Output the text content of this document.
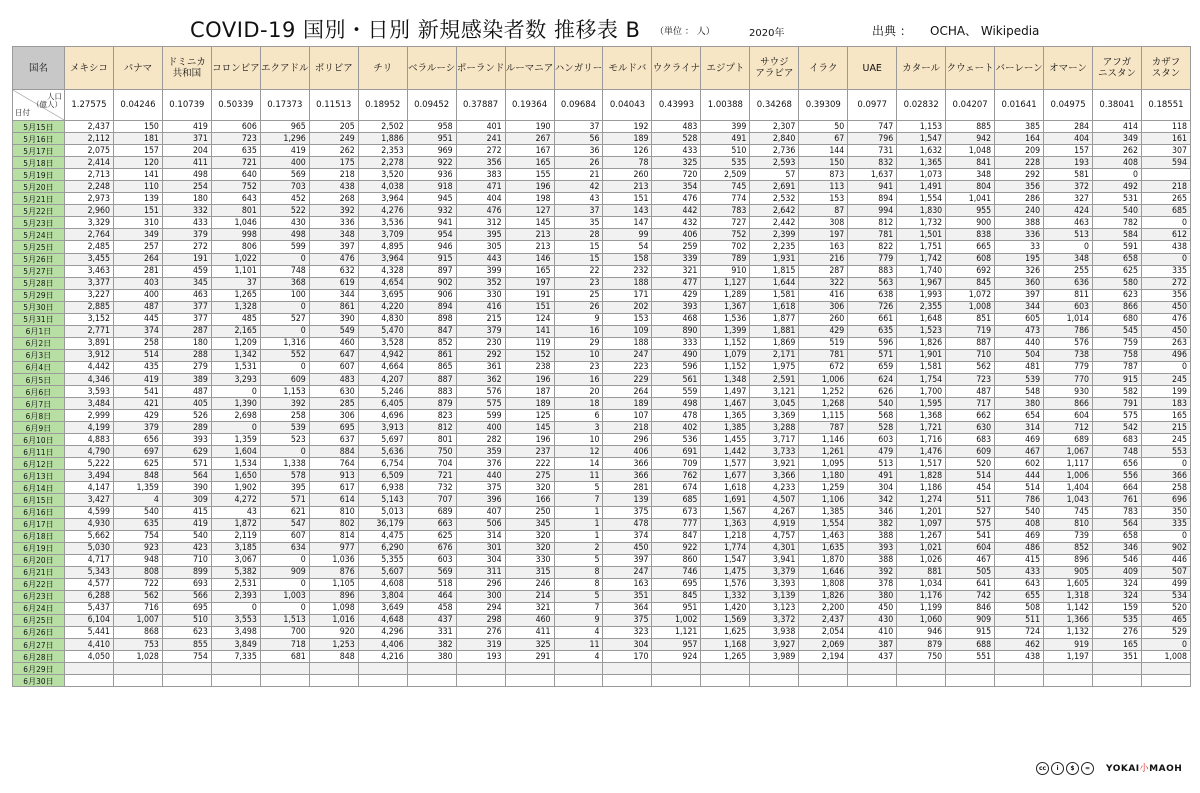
COVID-19 国別・日別 新規感染者数 推移表 B （単位 ： 人）	2020年	出典 ： OCHA、 Wikipedia
国名	メキシコ	パナマ	ドミニカ
共和国	コロンビア	エクアドル	ボリビア	チリ	ベラルーシ	ポーランド	ルーマニア	ハンガリー	モルドバ	ウクライナ	エジプト	サウジ
アラビア	イラク	UAE	カタール	クウェート	バーレーン	オマーン	アフガ
ニスタン	カザフ
スタン

人口
（億人）
日付	1.27575	0.04246	0.10739	0.50339	0.17373	0.11513	0.18952	0.09452	0.37887	0.19364	0.09684	0.04043	0.43993	1.00388	0.34268	0.39309	0.0977	0.02832	0.04207	0.01641	0.04975	0.38041	0.18551
5月15日	2,437	150	419	606	965	205	2,502	958	401	190	37	192	483	399	2,307	50	747	1,153	885	385	284	414	118
5月16日	2,112	181	371	723	1,296	249	1,886	951	241	267	56	189	528	491	2,840	67	796	1,547	942	164	404	349	161
5月17日	2,075	157	204	635	419	262	2,353	969	272	167	36	126	433	510	2,736	144	731	1,632	1,048	209	157	262	307
5月18日	2,414	120	411	721	400	175	2,278	922	356	165	26	78	325	535	2,593	150	832	1,365	841	228	193	408	594
5月19日	2,713	141	498	640	569	218	3,520	936	383	155	21	260	720	2,509	57	873	1,637	1,073	348	292	581	0	
5月20日	2,248	110	254	752	703	438	4,038	918	471	196	42	213	354	745	2,691	113	941	1,491	804	356	372	492	218
5月21日	2,973	139	180	643	452	268	3,964	945	404	198	43	151	476	774	2,532	153	894	1,554	1,041	286	327	531	265
5月22日	2,960	151	332	801	522	392	4,276	932	476	127	37	143	442	783	2,642	87	994	1,830	955	240	424	540	685
5月23日	3,329	310	433	1,046	430	336	3,536	941	312	145	35	147	432	727	2,442	308	812	1,732	900	388	463	782	0
5月24日	2,764	349	379	998	498	348	3,709	954	395	213	28	99	406	752	2,399	197	781	1,501	838	336	513	584	612
5月25日	2,485	257	272	806	599	397	4,895	946	305	213	15	54	259	702	2,235	163	822	1,751	665	33	0	591	438
5月26日	3,455	264	191	1,022	0	476	3,964	915	443	146	15	158	339	789	1,931	216	779	1,742	608	195	348	658	0
5月27日	3,463	281	459	1,101	748	632	4,328	897	399	165	22	232	321	910	1,815	287	883	1,740	692	326	255	625	335
5月28日	3,377	403	345	37	368	619	4,654	902	352	197	23	188	477	1,127	1,644	322	563	1,967	845	360	636	580	272
5月29日	3,227	400	463	1,265	100	344	3,695	906	330	191	25	171	429	1,289	1,581	416	638	1,993	1,072	397	811	623	356
5月30日	2,885	487	377	1,328	0	861	4,220	894	416	151	26	202	393	1,367	1,618	306	726	2,355	1,008	344	603	866	450
5月31日	3,152	445	377	485	527	390	4,830	898	215	124	9	153	468	1,536	1,877	260	661	1,648	851	605	1,014	680	476
6月1日	2,771	374	287	2,165	0	549	5,470	847	379	141	16	109	890	1,399	1,881	429	635	1,523	719	473	786	545	450
6月2日	3,891	258	180	1,209	1,316	460	3,528	852	230	119	29	188	333	1,152	1,869	519	596	1,826	887	440	576	759	263
6月3日	3,912	514	288	1,342	552	647	4,942	861	292	152	10	247	490	1,079	2,171	781	571	1,901	710	504	738	758	496
6月4日	4,442	435	279	1,531	0	607	4,664	865	361	238	23	223	596	1,152	1,975	672	659	1,581	562	481	779	787	0
6月5日	4,346	419	389	3,293	609	483	4,207	887	362	196	16	229	561	1,348	2,591	1,006	624	1,754	723	539	770	915	245
6月6日	3,593	541	487	0	1,153	630	5,246	883	576	187	20	264	559	1,497	3,121	1,252	626	1,700	487	548	930	582	199
6月7日	3,484	421	405	1,390	392	285	6,405	879	575	189	18	189	498	1,467	3,045	1,268	540	1,595	717	380	866	791	183
6月8日	2,999	429	526	2,698	258	306	4,696	823	599	125	6	107	478	1,365	3,369	1,115	568	1,368	662	654	604	575	165
6月9日	4,199	379	289	0	539	695	3,913	812	400	145	3	218	402	1,385	3,288	787	528	1,721	630	314	712	542	215
6月10日	4,883	656	393	1,359	523	637	5,697	801	282	196	10	296	536	1,455	3,717	1,146	603	1,716	683	469	689	683	245
6月11日	4,790	697	629	1,604	0	884	5,636	750	359	237	12	406	691	1,442	3,733	1,261	479	1,476	609	467	1,067	748	553
6月12日	5,222	625	571	1,534	1,338	764	6,754	704	376	222	14	366	709	1,577	3,921	1,095	513	1,517	520	602	1,117	656	0
6月13日	3,494	848	564	1,650	578	913	6,509	721	440	275	11	366	762	1,677	3,366	1,180	491	1,828	514	444	1,006	556	366
6月14日	4,147	1,359	390	1,902	395	617	6,938	732	375	320	5	281	674	1,618	4,233	1,259	304	1,186	454	514	1,404	664	258
6月15日	3,427	4	309	4,272	571	614	5,143	707	396	166	7	139	685	1,691	4,507	1,106	342	1,274	511	786	1,043	761	696
6月16日	4,599	540	415	43	621	810	5,013	689	407	250	1	375	673	1,567	4,267	1,385	346	1,201	527	540	745	783	350
6月17日	4,930	635	419	1,872	547	802	36,179	663	506	345	1	478	777	1,363	4,919	1,554	382	1,097	575	408	810	564	335
6月18日	5,662	754	540	2,119	607	814	4,475	625	314	320	1	374	847	1,218	4,757	1,463	388	1,267	541	469	739	658	0
6月19日	5,030	923	423	3,185	634	977	6,290	676	301	320	2	450	922	1,774	4,301	1,635	393	1,021	604	486	852	346	902
6月20日	4,717	948	710	3,067	0	1,036	5,355	603	304	330	5	397	860	1,547	3,941	1,870	388	1,026	467	415	896	546	446
6月21日	5,343	808	899	5,382	909	876	5,607	569	311	315	8	247	746	1,475	3,379	1,646	392	881	505	433	905	409	507
6月22日	4,577	722	693	2,531	0	1,105	4,608	518	296	246	8	163	695	1,576	3,393	1,808	378	1,034	641	643	1,605	324	499
6月23日	6,288	562	566	2,393	1,003	896	3,804	464	300	214	5	351	845	1,332	3,139	1,826	380	1,176	742	655	1,318	324	534
6月24日	5,437	716	695	0	0	1,098	3,649	458	294	321	7	364	951	1,420	3,123	2,200	450	1,199	846	508	1,142	159	520
6月25日	6,104	1,007	510	3,553	1,513	1,016	4,648	437	298	460	9	375	1,002	1,569	3,372	2,437	430	1,060	909	511	1,366	535	465
6月26日	5,441	868	623	3,498	700	920	4,296	331	276	411	4	323	1,121	1,625	3,938	2,054	410	946	915	724	1,132	276	529
6月27日	4,410	753	855	3,849	718	1,253	4,406	382	319	325	11	304	957	1,168	3,927	2,069	387	879	688	462	919	165	0
6月28日	4,050	1,028	754	7,335	681	848	4,216	380	193	291	4	170	924	1,265	3,989	2,194	437	750	551	438	1,197	351	1,008
6月29日																							
6月30日																							
cc	i	$	=	YOKAI小MAOH
